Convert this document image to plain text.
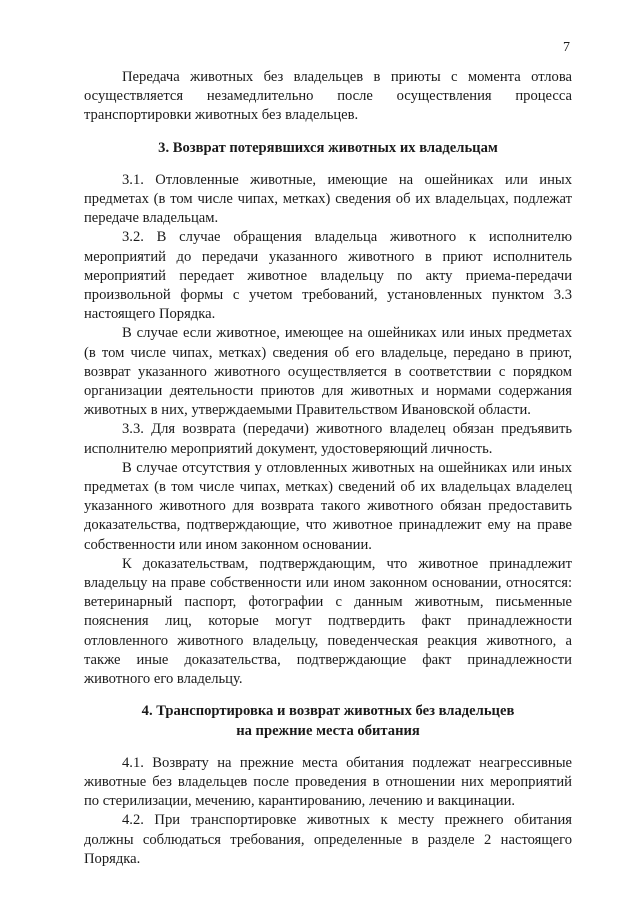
7

Передача животных без владельцев в приюты с момента отлова осуществляется незамедлительно после осуществления процесса транспортировки животных без владельцев.

3. Возврат потерявшихся животных их владельцам

3.1. Отловленные животные, имеющие на ошейниках или иных предметах (в том числе чипах, метках) сведения об их владельцах, подлежат передаче владельцам.

3.2. В случае обращения владельца животного к исполнителю мероприятий до передачи указанного животного в приют исполнитель мероприятий передает животное владельцу по акту приема-передачи произвольной формы с учетом требований, установленных пунктом 3.3 настоящего Порядка.

В случае если животное, имеющее на ошейниках или иных предметах (в том числе чипах, метках) сведения об его владельце, передано в приют, возврат указанного животного осуществляется в соответствии с порядком организации деятельности приютов для животных и нормами содержания животных в них, утверждаемыми Правительством Ивановской области.

3.3. Для возврата (передачи) животного владелец обязан предъявить исполнителю мероприятий документ, удостоверяющий личность.

В случае отсутствия у отловленных животных на ошейниках или иных предметах (в том числе чипах, метках) сведений об их владельцах владелец указанного животного для возврата такого животного обязан предоставить доказательства, подтверждающие, что животное принадлежит ему на праве собственности или ином законном основании.

К доказательствам, подтверждающим, что животное принадлежит владельцу на праве собственности или ином законном основании, относятся: ветеринарный паспорт, фотографии с данным животным, письменные пояснения лиц, которые могут подтвердить факт принадлежности отловленного животного владельцу, поведенческая реакция животного, а также иные доказательства, подтверждающие факт принадлежности животного его владельцу.

4. Транспортировка и возврат животных без владельцев
на прежние места обитания

4.1. Возврату на прежние места обитания подлежат неагрессивные животные без владельцев после проведения в отношении них мероприятий по стерилизации, мечению, карантированию, лечению и вакцинации.

4.2. При транспортировке животных к месту прежнего обитания должны соблюдаться требования, определенные в разделе 2 настоящего Порядка.
